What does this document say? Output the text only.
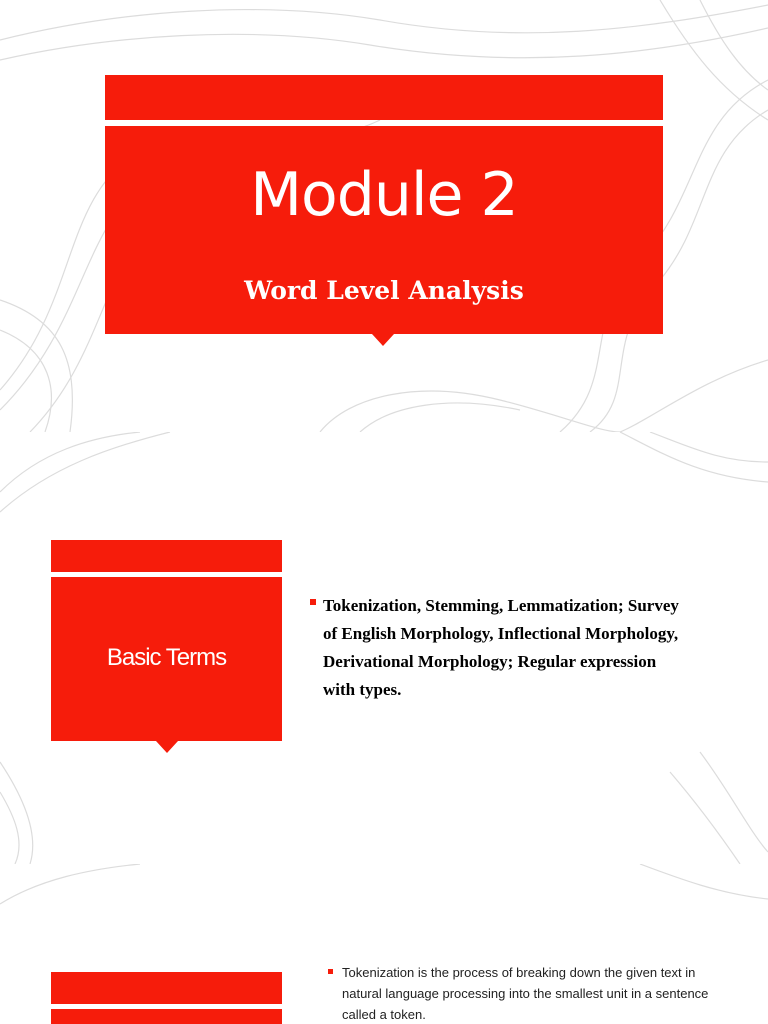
Module 2
Word Level Analysis
Basic Terms
Tokenization, Stemming, Lemmatization; Survey of English Morphology, Inflectional Morphology, Derivational Morphology; Regular expression with types.
Tokenization is the process of breaking down the given text in natural language processing into the smallest unit in a sentence called a token.
